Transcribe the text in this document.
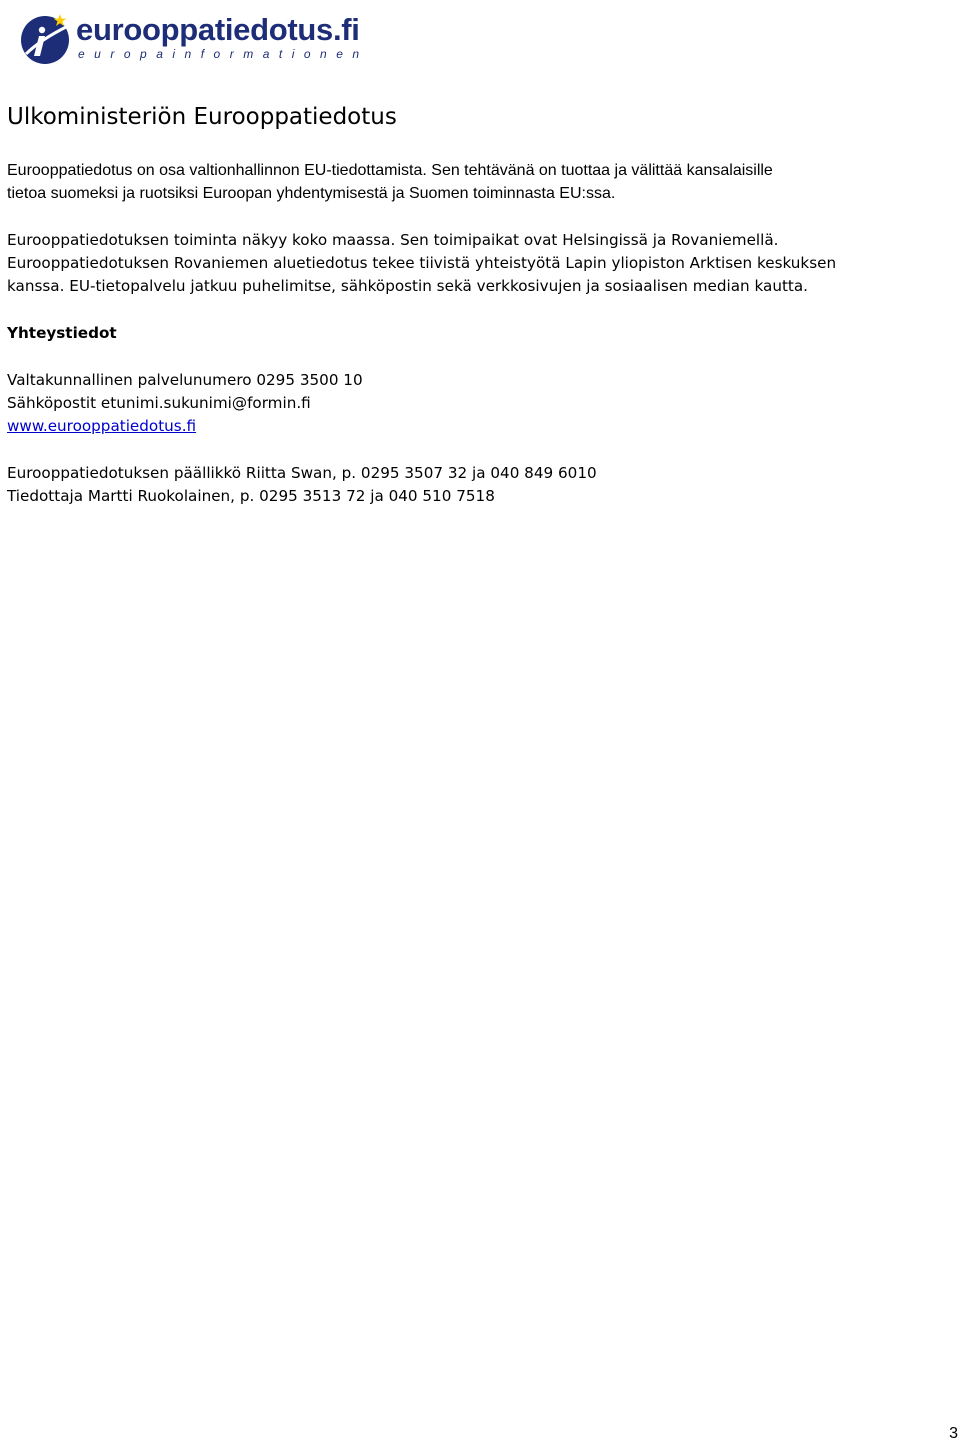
eurooppatiedotus.fi
europainformationen
Ulkoministeriön Eurooppatiedotus

Eurooppatiedotus on osa valtionhallinnon EU-tiedottamista. Sen tehtävänä on tuottaa ja välittää kansalaisille
tietoa suomeksi ja ruotsiksi Euroopan yhdentymisestä ja Suomen toiminnasta EU:ssa.

Eurooppatiedotuksen toiminta näkyy koko maassa. Sen toimipaikat ovat Helsingissä ja Rovaniemellä.
Eurooppatiedotuksen Rovaniemen aluetiedotus tekee tiivistä yhteistyötä Lapin yliopiston Arktisen keskuksen
kanssa. EU-tietopalvelu jatkuu puhelimitse, sähköpostin sekä verkkosivujen ja sosiaalisen median kautta.

Yhteystiedot

Valtakunnallinen palvelunumero 0295 3500 10
Sähköpostit etunimi.sukunimi@formin.fi
www.eurooppatiedotus.fi

Eurooppatiedotuksen päällikkö Riitta Swan, p. 0295 3507 32 ja 040 849 6010
Tiedottaja Martti Ruokolainen, p. 0295 3513 72 ja 040 510 7518

3
